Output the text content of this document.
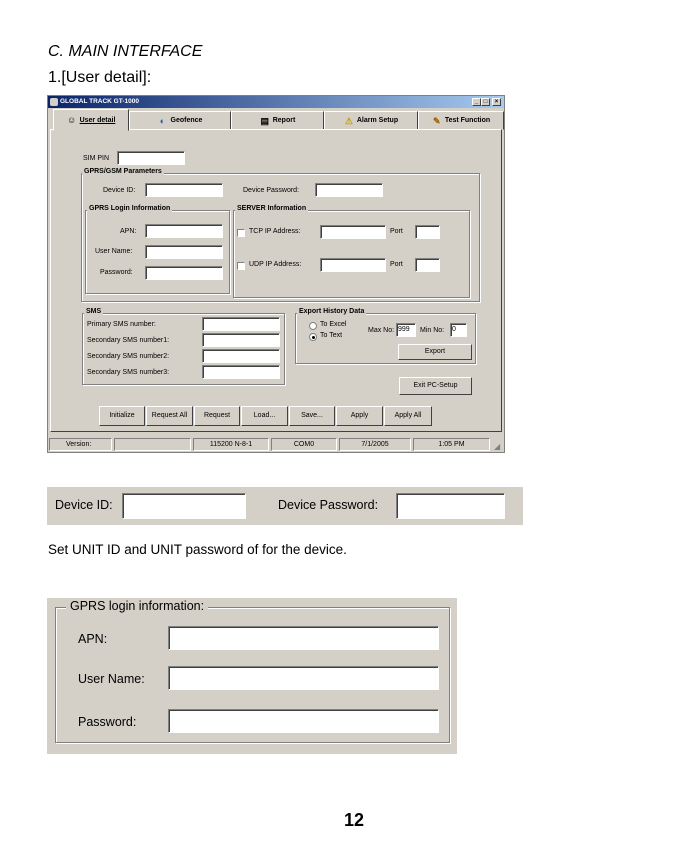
C. MAIN INTERFACE
1.[User detail]:
GLOBAL TRACK GT-1000	_ □	×
☺ User detail	◐ Geofence	▤ Report	⚠ Alarm Setup	✎ Test Function
SIM PIN
GPRS/GSM Parameters
Device ID:	Device Password:
GPRS Login Information
APN:
User Name:
Password:
SERVER Information
TCP IP Address:	Port
UDP IP Address:	Port
SMS
Primary SMS number:
Secondary SMS number1:
Secondary SMS number2:
Secondary SMS number3:
Export History Data
To Excel
To Text
Max No: 999	Min No: 0
Export
Exit PC-Setup
Initialize	Request All	Request	Load...	Save...	Apply	Apply All
Version:	115200 N-8-1	COM0	7/1/2005	1:05 PM	◢
Device ID:	Device Password:
Set UNIT ID and UNIT password of for the device.
GPRS login information:
APN:
User Name:
Password:
12
